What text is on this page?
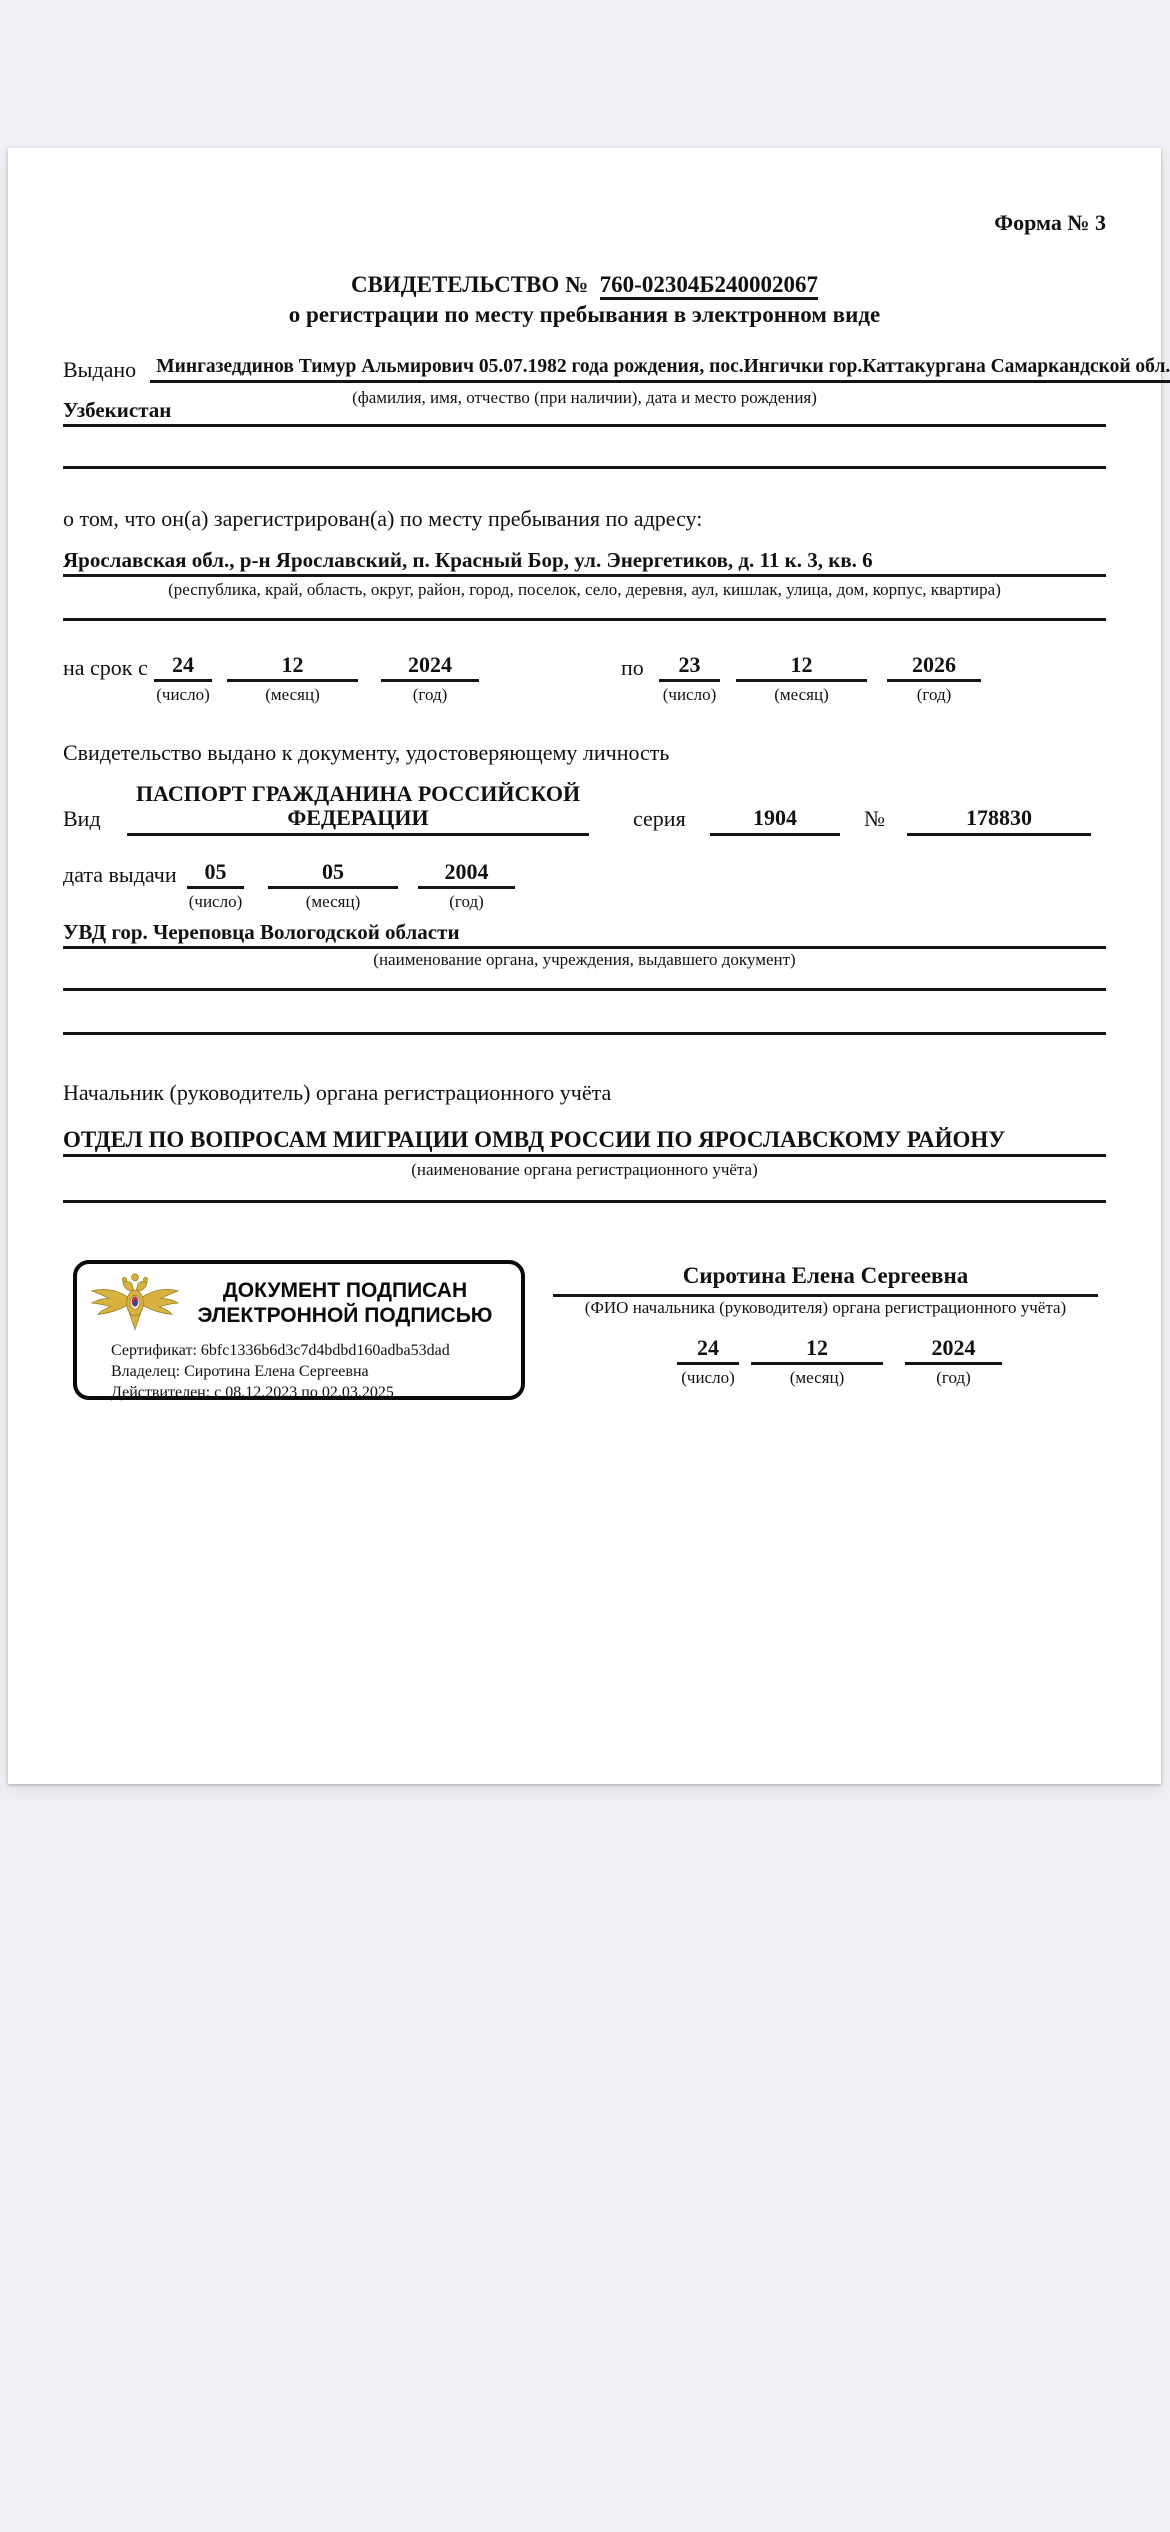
Форма № 3
СВИДЕТЕЛЬСТВО № 760-02304Б240002067
о регистрации по месту пребывания в электронном виде
Выдано	Мингазеддинов Тимур Альмирович 05.07.1982 года рождения, пос.Ингички гор.Каттакургана Самаркандской обл.
(фамилия, имя, отчество (при наличии), дата и место рождения)
Узбекистан
о том, что он(а) зарегистрирован(а) по месту пребывания по адресу:
Ярославская обл., р-н Ярославский, п. Красный Бор, ул. Энергетиков, д. 11 к. 3, кв. 6
(республика, край, область, округ, район, город, поселок, село, деревня, аул, кишлак, улица, дом, корпус, квартира)
на срок с	24
(число)
12
(месяц)
2024
(год)
по	23
(число)
12
(месяц)
2026
(год)
Свидетельство выдано к документу, удостоверяющему личность
Вид
ПАСПОРТ ГРАЖДАНИНА РОССИЙСКОЙ
ФЕДЕРАЦИИ	серия	1904	№	178830
дата выдачи	05
(число)
05
(месяц)
2004
(год)
УВД гор. Череповца Вологодской области
(наименование органа, учреждения, выдавшего документ)
Начальник (руководитель) органа регистрационного учёта
ОТДЕЛ ПО ВОПРОСАМ МИГРАЦИИ ОМВД РОССИИ ПО ЯРОСЛАВСКОМУ РАЙОНУ
(наименование органа регистрационного учёта)
ДОКУМЕНТ ПОДПИСАН
ЭЛЕКТРОННОЙ ПОДПИСЬЮ
Сертификат: 6bfc1336b6d3c7d4bdbd160adba53dad
Владелец: Сиротина Елена Сергеевна
Действителен: с 08.12.2023 по 02.03.2025
Сиротина Елена Сергеевна
(ФИО начальника (руководителя) органа регистрационного учёта)
24
(число)
12
(месяц)
2024
(год)
